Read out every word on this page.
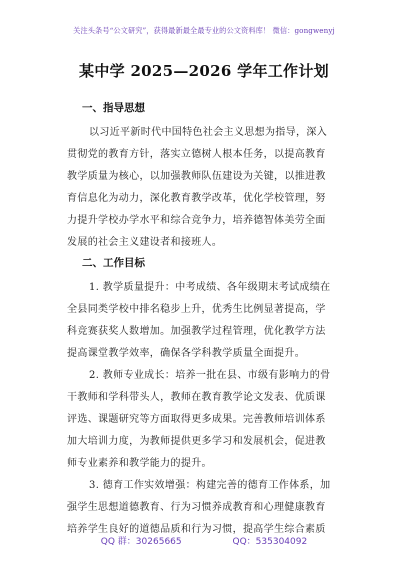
关注头条号“公文研究”，获得最新最全最专业的公文资料库！ 微信：gongwenyj
某中学 2025—2026 学年工作计划
一、指导思想
以习近平新时代中国特色社会主义思想为指导，深入
贯彻党的教育方针，落实立德树人根本任务，以提高教育
教学质量为核心，以加强教师队伍建设为关键，以推进教
育信息化为动力，深化教育教学改革，优化学校管理，努
力提升学校办学水平和综合竞争力，培养德智体美劳全面
发展的社会主义建设者和接班人。
二、工作目标
1. 教学质量提升：中考成绩、各年级期末考试成绩在
全县同类学校中排名稳步上升，优秀生比例显著提高，学
科竞赛获奖人数增加。加强教学过程管理，优化教学方法
提高课堂教学效率，确保各学科教学质量全面提升。
2. 教师专业成长：培养一批在县、市级有影响力的骨
干教师和学科带头人，教师在教育教学论文发表、优质课
评选、课题研究等方面取得更多成果。完善教师培训体系
加大培训力度，为教师提供更多学习和发展机会，促进教
师专业素养和教学能力的提升。
3. 德育工作实效增强：构建完善的德育工作体系，加
强学生思想道德教育、行为习惯养成教育和心理健康教育
培养学生良好的道德品质和行为习惯，提高学生综合素质
QQ 群：30265665	QQ：535304092
